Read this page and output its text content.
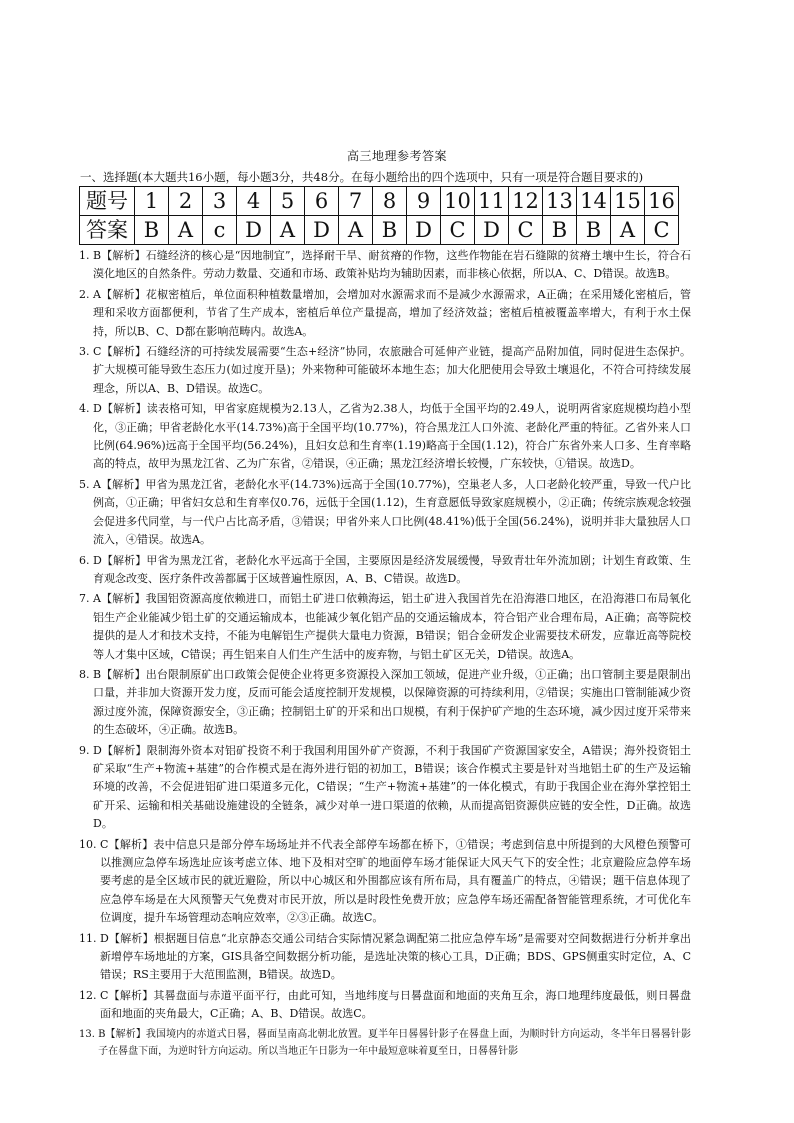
高三地理参考答案
一、选择题(本大题共16小题，每小题3分，共48分。在每小题给出的四个选项中，只有一项是符合题目要求的)
题号	1	2	3	4	5	6	7	8	9	10	11	12	13	14	15	16
答案	B	A	c	D	A	D	A	B	D	C	D	C	B	B	A	C
1. B【解析】石缝经济的核心是“因地制宜”，选择耐干旱、耐贫瘠的作物，这些作物能在岩石缝隙的贫瘠土壤中生长，符合石漠化地区的自然条件。劳动力数量、交通和市场、政策补贴均为辅助因素，而非核心依据，所以A、C、D错误。故选B。
2. A【解析】花椒密植后，单位面积种植数量增加，会增加对水源需求而不是减少水源需求，A正确；在采用矮化密植后，管理和采收方面都便利，节省了生产成本，密植后单位产量提高，增加了经济效益；密植后植被覆盖率增大，有利于水土保持，所以B、C、D都在影响范畴内。故选A。
3. C【解析】石缝经济的可持续发展需要“生态+经济”协同，农旅融合可延伸产业链，提高产品附加值，同时促进生态保护。扩大规模可能导致生态压力(如过度开垦)；外来物种可能破坏本地生态；加大化肥使用会导致土壤退化，不符合可持续发展理念，所以A、B、D错误。故选C。
4. D【解析】读表格可知，甲省家庭规模为2.13人，乙省为2.38人，均低于全国平均的2.49人，说明两省家庭规模均趋小型化，③正确；甲省老龄化水平(14.73%)高于全国平均(10.77%)，符合黑龙江人口外流、老龄化严重的特征。乙省外来人口比例(64.96%)远高于全国平均(56.24%)，且妇女总和生育率(1.19)略高于全国(1.12)，符合广东省外来人口多、生育率略高的特点，故甲为黑龙江省、乙为广东省，②错误，④正确；黑龙江经济增长较慢，广东较快，①错误。故选D。
5. A【解析】甲省为黑龙江省，老龄化水平(14.73%)远高于全国(10.77%)，空巢老人多，人口老龄化较严重，导致一代户比例高，①正确；甲省妇女总和生育率仅0.76，远低于全国(1.12)，生育意愿低导致家庭规模小，②正确；传统宗族观念较强会促进多代同堂，与一代户占比高矛盾，③错误；甲省外来人口比例(48.41%)低于全国(56.24%)，说明并非大量独居人口流入，④错误。故选A。
6. D【解析】甲省为黑龙江省，老龄化水平远高于全国，主要原因是经济发展缓慢，导致青壮年外流加剧；计划生育政策、生育观念改变、医疗条件改善都属于区域普遍性原因，A、B、C错误。故选D。
7. A【解析】我国铝资源高度依赖进口，而铝土矿进口依赖海运，铝土矿进入我国首先在沿海港口地区，在沿海港口布局氧化铝生产企业能减少铝土矿的交通运输成本，也能减少氧化铝产品的交通运输成本，符合铝产业合理布局，A正确；高等院校提供的是人才和技术支持，不能为电解铝生产提供大量电力资源，B错误；铝合金研发企业需要技术研发，应靠近高等院校等人才集中区域，C错误；再生铝来自人们生产生活中的废弃物，与铝土矿区无关，D错误。故选A。
8. B【解析】出台限制原矿出口政策会促使企业将更多资源投入深加工领域，促进产业升级，①正确；出口管制主要是限制出口量，并非加大资源开发力度，反而可能会适度控制开发规模，以保障资源的可持续利用，②错误；实施出口管制能减少资源过度外流，保障资源安全，③正确；控制铝土矿的开采和出口规模，有利于保护矿产地的生态环境，减少因过度开采带来的生态破坏，④正确。故选B。
9. D【解析】限制海外资本对铝矿投资不利于我国利用国外矿产资源，不利于我国矿产资源国家安全，A错误；海外投资铝土矿采取“生产+物流+基建”的合作模式是在海外进行铝的初加工，B错误；该合作模式主要是针对当地铝土矿的生产及运输环境的改善，不会促进铝矿进口渠道多元化，C错误；“生产+物流+基建”的一体化模式，有助于我国企业在海外掌控铝土矿开采、运输和相关基础设施建设的全链条，减少对单一进口渠道的依赖，从而提高铝资源供应链的安全性，D正确。故选D。
10. C【解析】表中信息只是部分停车场场址并不代表全部停车场都在桥下，①错误；考虑到信息中所提到的大风橙色预警可以推测应急停车场选址应该考虑立体、地下及相对空旷的地面停车场才能保证大风天气下的安全性；北京避险应急停车场要考虑的是全区域市民的就近避险，所以中心城区和外围都应该有所布局，具有覆盖广的特点，④错误；题干信息体现了应急停车场是在大风预警天气免费对市民开放，所以是时段性免费开放；应急停车场还需配备智能管理系统，才可优化车位调度，提升车场管理动态响应效率，②③正确。故选C。
11. D【解析】根据题目信息“北京静态交通公司结合实际情况紧急调配第二批应急停车场”是需要对空间数据进行分析并拿出新增停车场地址的方案，GIS具备空间数据分析功能，是选址决策的核心工具，D正确；BDS、GPS侧重实时定位，A、C错误；RS主要用于大范围监测，B错误。故选D。
12. C【解析】其晷盘面与赤道平面平行，由此可知，当地纬度与日晷盘面和地面的夹角互余，海口地理纬度最低，则日晷盘面和地面的夹角最大，C正确；A、B、D错误。故选C。
13. B【解析】我国境内的赤道式日晷，晷面呈南高北朝北放置。夏半年日晷晷针影子在晷盘上面，为顺时针方向运动，冬半年日晷晷针影子在晷盘下面，为逆时针方向运动。所以当地正午日影为一年中最短意味着夏至日，日晷晷针影
